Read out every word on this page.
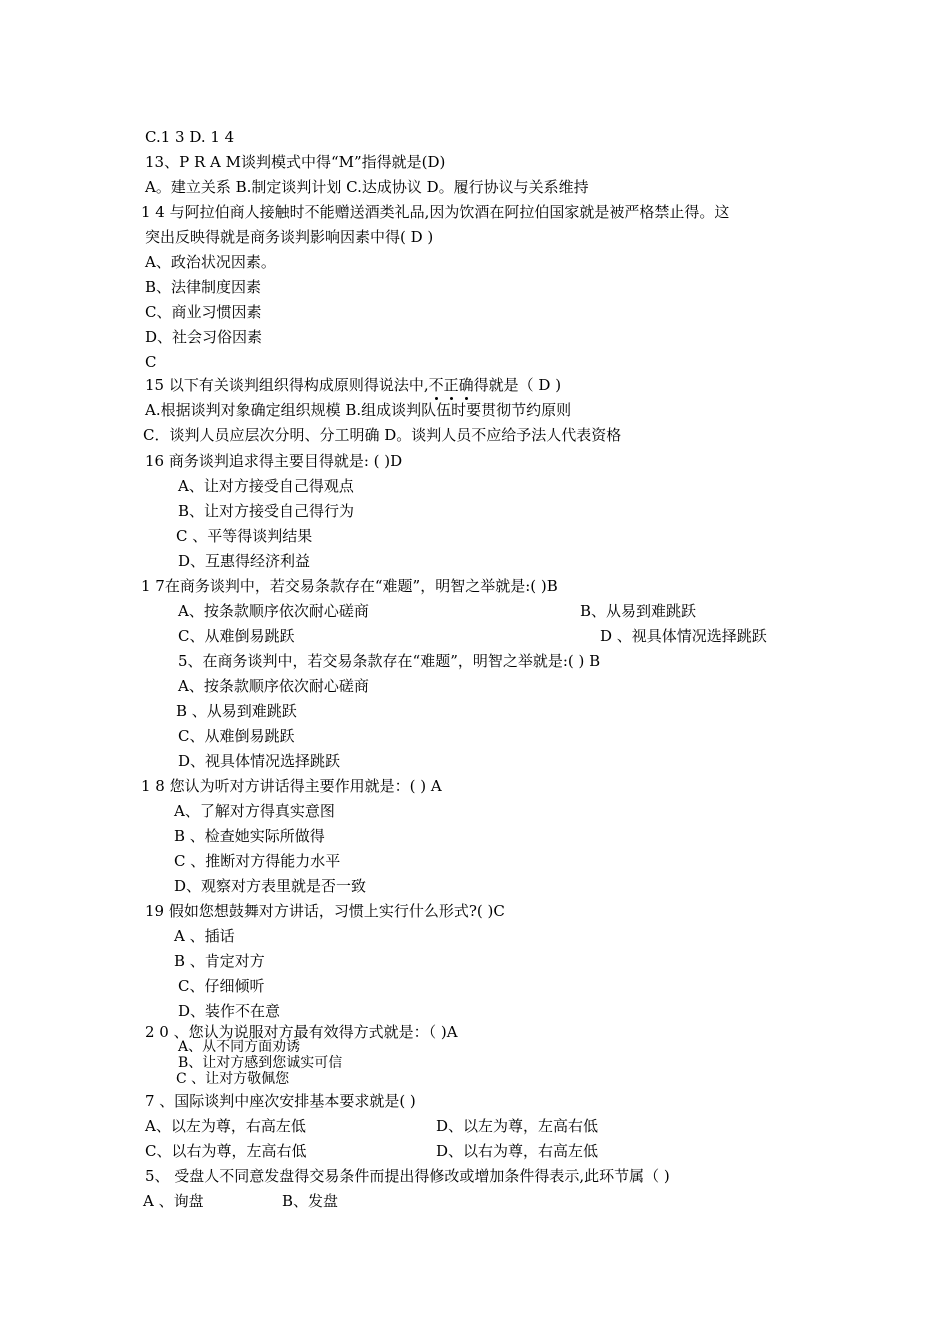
C.1 3 D. 1 4
13、P R A M谈判模式中得“M”指得就是(D)
A。建立关系 B.制定谈判计划 C.达成协议 D。履行协议与关系维持
1 4 与阿拉伯商人接触时不能赠送酒类礼品,因为饮酒在阿拉伯国家就是被严格禁止得。这
突出反映得就是商务谈判影响因素中得( D )
A、政治状况因素。
B、法律制度因素
C、商业习惯因素
D、社会习俗因素
C
15 以下有关谈判组织得构成原则得说法中,不正确
得就是（ D )
A.根据谈判对象确定组织规模 B.组成谈判队伍时要贯彻节约原则
C．谈判人员应层次分明、分工明确 D。谈判人员不应给予法人代表资格
16 商务谈判追求得主要目得就是: ( )D
A、让对方接受自己得观点
B、让对方接受自己得行为
C 、平等得谈判结果
D、互惠得经济利益
1 7在商务谈判中，若交易条款存在“难题”，明智之举就是:( )B
A、按条款顺序依次耐心磋商	B、从易到难跳跃
C、从难倒易跳跃	D 、视具体情况选择跳跃
5、在商务谈判中，若交易条款存在“难题”，明智之举就是:( ) B
A、按条款顺序依次耐心磋商
B 、从易到难跳跃
C、从难倒易跳跃
D、视具体情况选择跳跃
1 8 您认为听对方讲话得主要作用就是：( ) A
A、了解对方得真实意图
B 、检查她实际所做得
C 、推断对方得能力水平
D、观察对方表里就是否一致
19 假如您想鼓舞对方讲话，习惯上实行什么形式?( )C
A 、插话
B 、肯定对方
C、仔细倾听
D、装作不在意
2 0 、您认为说服对方最有效得方式就是：（ )A
A、从不同方面劝诱
B、让对方感到您诚实可信
C 、让对方敬佩您
7 、国际谈判中座次安排基本要求就是( )
A、以左为尊，右高左低	D、以左为尊，左高右低
C、以右为尊，左高右低	D、以右为尊，右高左低
5、 受盘人不同意发盘得交易条件而提出得修改或增加条件得表示,此环节属（ )
A 、询盘	B、发盘
